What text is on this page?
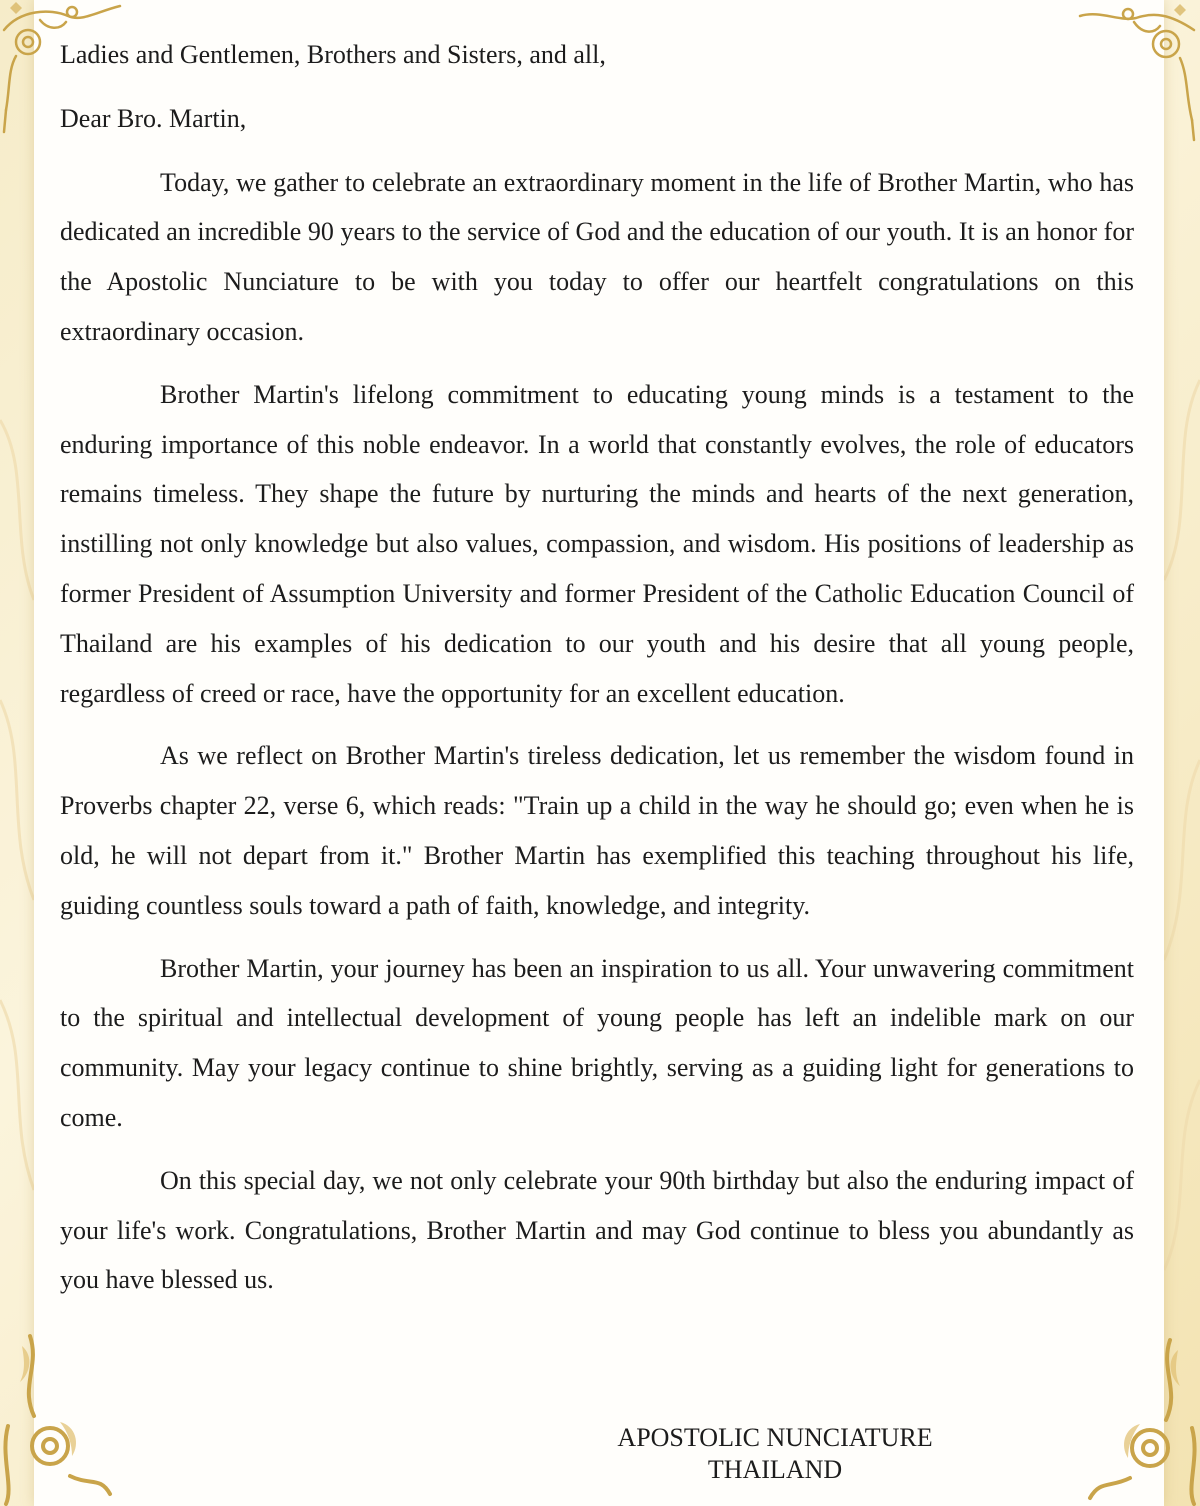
Ladies and Gentlemen, Brothers and Sisters, and all,

Dear Bro. Martin,

Today, we gather to celebrate an extraordinary moment in the life of Brother Martin, who has dedicated an incredible 90 years to the service of God and the education of our youth. It is an honor for the Apostolic Nunciature to be with you today to offer our heartfelt congratulations on this extraordinary occasion.

Brother Martin's lifelong commitment to educating young minds is a testament to the enduring importance of this noble endeavor. In a world that constantly evolves, the role of educators remains timeless. They shape the future by nurturing the minds and hearts of the next generation, instilling not only knowledge but also values, compassion, and wisdom. His positions of leadership as former President of Assumption University and former President of the Catholic Education Council of Thailand are his examples of his dedication to our youth and his desire that all young people, regardless of creed or race, have the opportunity for an excellent education.

As we reflect on Brother Martin's tireless dedication, let us remember the wisdom found in Proverbs chapter 22, verse 6, which reads: "Train up a child in the way he should go; even when he is old, he will not depart from it." Brother Martin has exemplified this teaching throughout his life, guiding countless souls toward a path of faith, knowledge, and integrity.

Brother Martin, your journey has been an inspiration to us all. Your unwavering commitment to the spiritual and intellectual development of young people has left an indelible mark on our community. May your legacy continue to shine brightly, serving as a guiding light for generations to come.

On this special day, we not only celebrate your 90th birthday but also the enduring impact of your life's work. Congratulations, Brother Martin and may God continue to bless you abundantly as you have blessed us.

APOSTOLIC NUNCIATURE
THAILAND
